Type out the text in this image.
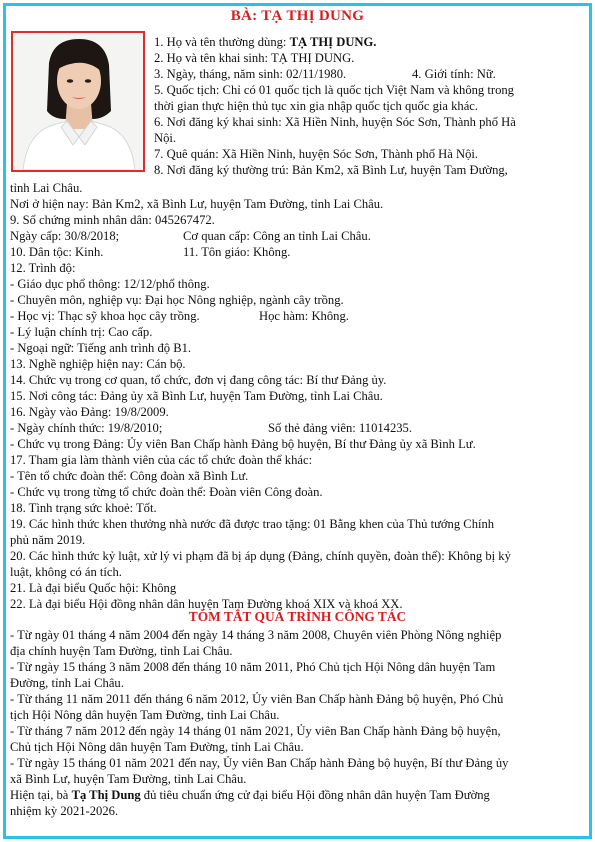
BÀ: TẠ THỊ DUNG
1. Họ và tên thường dùng: TẠ THỊ DUNG.
2. Họ và tên khai sinh: TẠ THỊ DUNG.
3. Ngày, tháng, năm sinh: 02/11/1980.	4. Giới tính: Nữ.
5. Quốc tịch: Chỉ có 01 quốc tịch là quốc tịch Việt Nam và không trong
thời gian thực hiện thủ tục xin gia nhập quốc tịch quốc gia khác.
6. Nơi đăng ký khai sinh: Xã Hiền Ninh, huyện Sóc Sơn, Thành phố Hà
Nội.
7. Quê quán: Xã Hiền Ninh, huyện Sóc Sơn, Thành phố Hà Nội.
8. Nơi đăng ký thường trú: Bản Km2, xã Bình Lư, huyện Tam Đường,
tỉnh Lai Châu.
Nơi ở hiện nay: Bản Km2, xã Bình Lư, huyện Tam Đường, tỉnh Lai Châu.
9. Số chứng minh nhân dân: 045267472.
Ngày cấp: 30/8/2018;	Cơ quan cấp: Công an tỉnh Lai Châu.
10. Dân tộc: Kinh.	11. Tôn giáo: Không.
12. Trình độ:
- Giáo dục phổ thông: 12/12/phổ thông.
- Chuyên môn, nghiệp vụ: Đại học Nông nghiệp, ngành cây trồng.
- Học vị: Thạc sỹ khoa học cây trồng.	Học hàm: Không.
- Lý luận chính trị: Cao cấp.
- Ngoại ngữ: Tiếng anh trình độ B1.
13. Nghề nghiệp hiện nay: Cán bộ.
14. Chức vụ trong cơ quan, tổ chức, đơn vị đang công tác: Bí thư Đảng ủy.
15. Nơi công tác: Đảng ủy xã Bình Lư, huyện Tam Đường, tỉnh Lai Châu.
16. Ngày vào Đảng: 19/8/2009.
- Ngày chính thức: 19/8/2010;	Số thẻ đảng viên: 11014235.
- Chức vụ trong Đảng: Ủy viên Ban Chấp hành Đảng bộ huyện, Bí thư Đảng ủy xã Bình Lư.
17. Tham gia làm thành viên của các tổ chức đoàn thể khác:
- Tên tổ chức đoàn thể: Công đoàn xã Bình Lư.
- Chức vụ trong từng tổ chức đoàn thể: Đoàn viên Công đoàn.
18. Tình trạng sức khoẻ: Tốt.
19. Các hình thức khen thưởng nhà nước đã được trao tặng: 01 Bằng khen của Thủ tướng Chính
phủ năm 2019.
20. Các hình thức kỷ luật, xử lý vi phạm đã bị áp dụng (Đảng, chính quyền, đoàn thể): Không bị kỷ
luật, không có án tích.
21. Là đại biểu Quốc hội: Không
22. Là đại biểu Hội đồng nhân dân huyện Tam Đường khoá XIX và khoá XX.
TÓM TẮT QUÁ TRÌNH CÔNG TÁC
- Từ ngày 01 tháng 4 năm 2004 đến ngày 14 tháng 3 năm 2008, Chuyên viên Phòng Nông nghiệp
địa chính huyện Tam Đường, tỉnh Lai Châu.
- Từ ngày 15 tháng 3 năm 2008 đến tháng 10 năm 2011, Phó Chủ tịch Hội Nông dân huyện Tam
Đường, tỉnh Lai Châu.
- Từ tháng 11 năm 2011 đến tháng 6 năm 2012, Ủy viên Ban Chấp hành Đảng bộ huyện, Phó Chủ
tịch Hội Nông dân huyện Tam Đường, tỉnh Lai Châu.
- Từ tháng 7 năm 2012 đến ngày 14 tháng 01 năm 2021, Ủy viên Ban Chấp hành Đảng bộ huyện,
Chủ tịch Hội Nông dân huyện Tam Đường, tỉnh Lai Châu.
- Từ ngày 15 tháng 01 năm 2021 đến nay, Ủy viên Ban Chấp hành Đảng bộ huyện, Bí thư Đảng ủy
xã Bình Lư, huyện Tam Đường, tỉnh Lai Châu.
Hiện tại, bà Tạ Thị Dung đủ tiêu chuẩn ứng cử đại biểu Hội đồng nhân dân huyện Tam Đường
nhiệm kỳ 2021-2026.
